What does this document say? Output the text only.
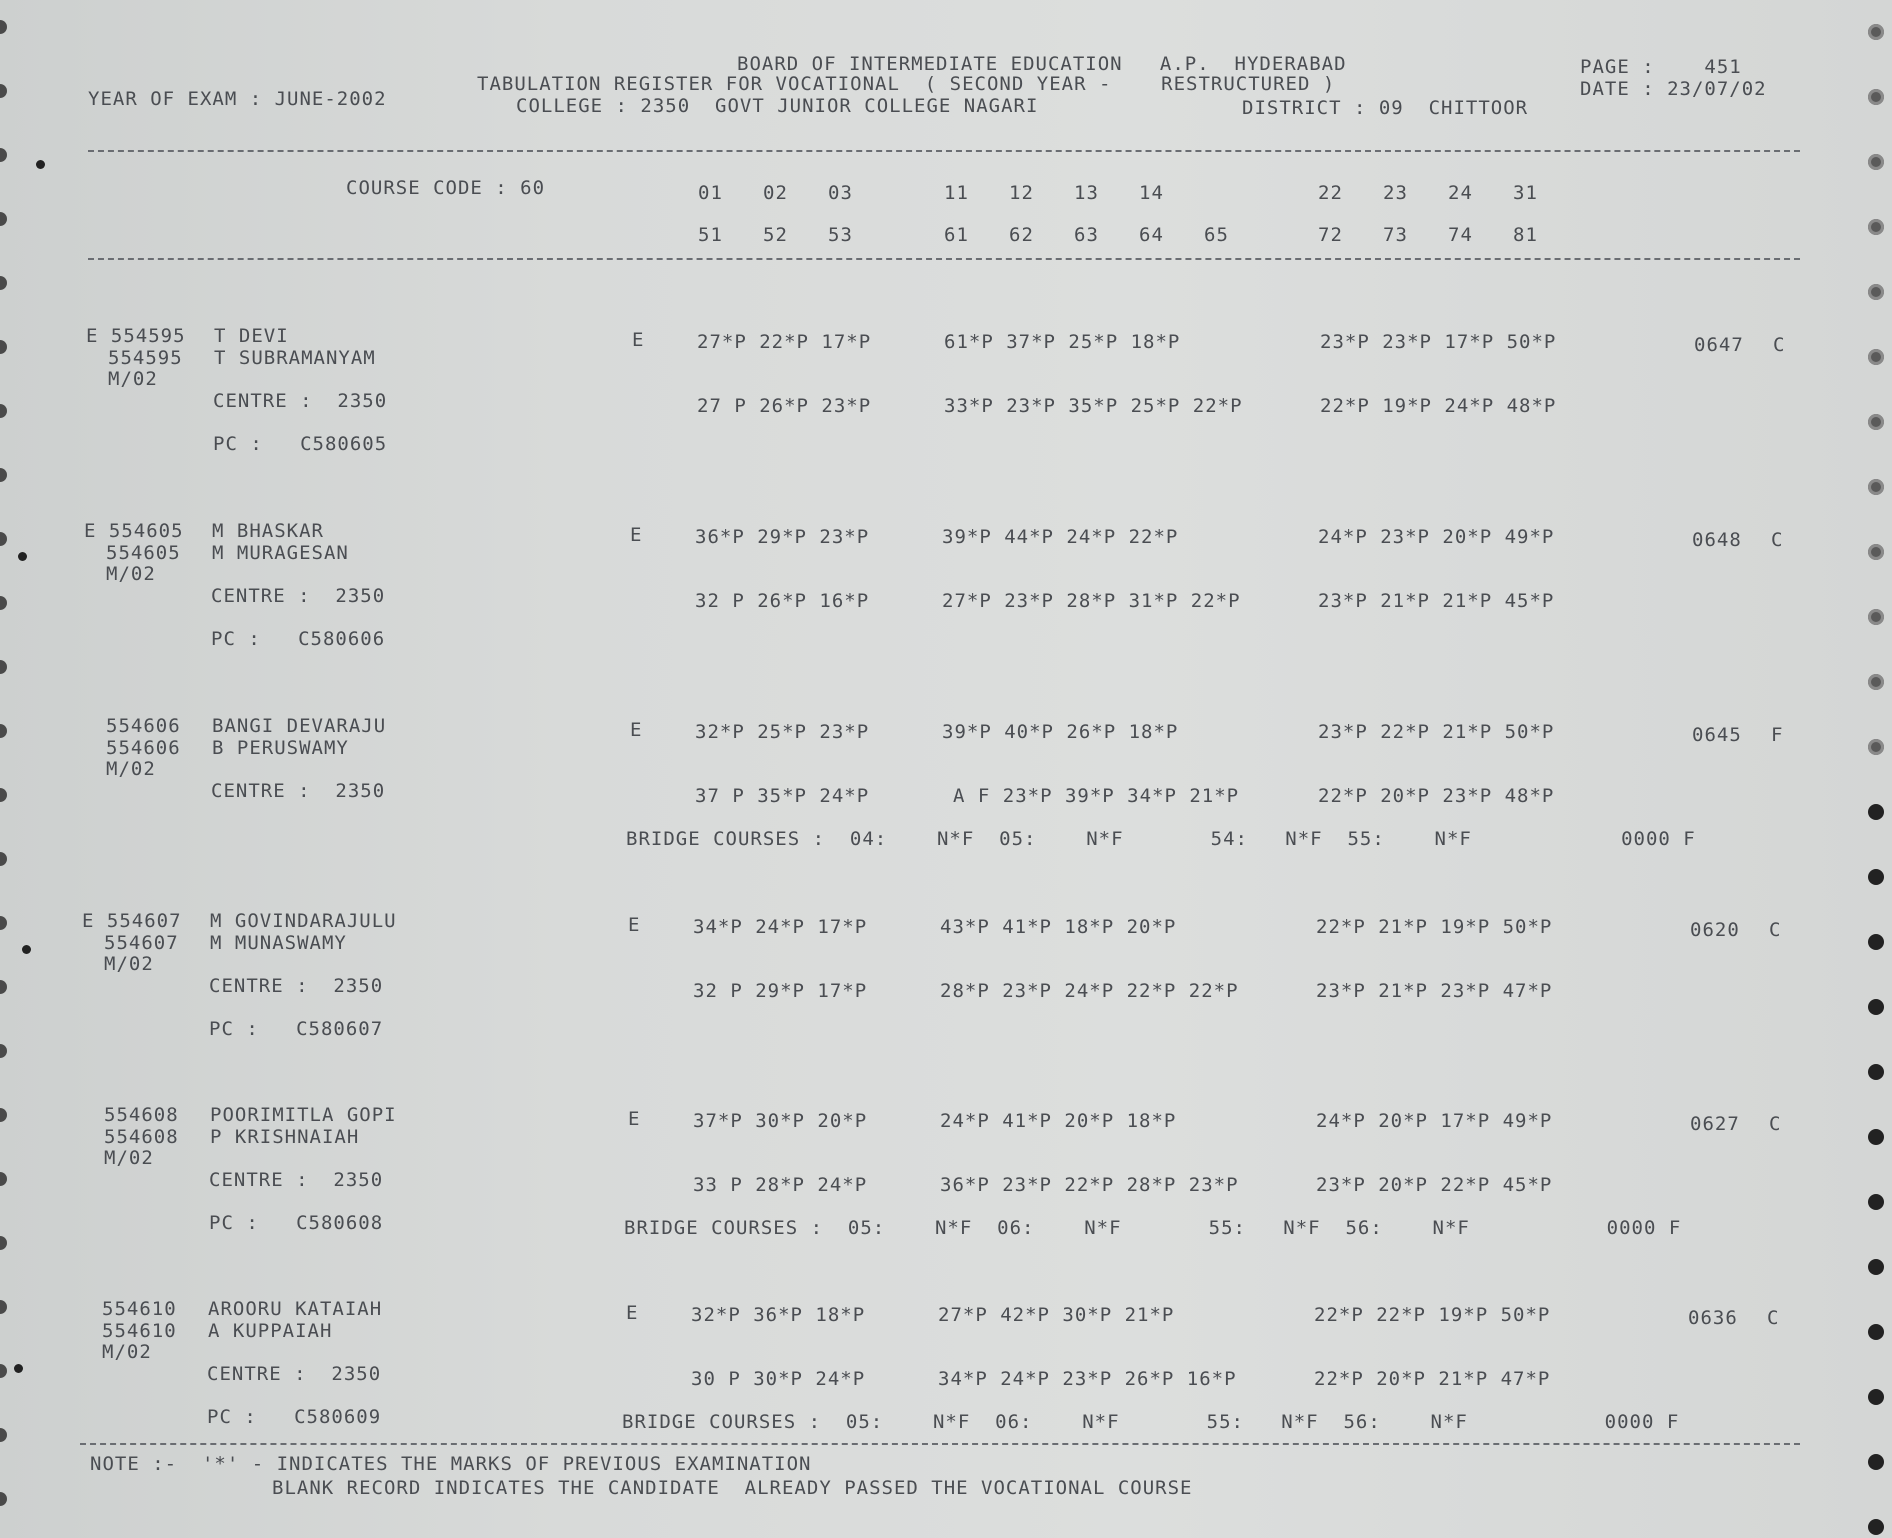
BOARD OF INTERMEDIATE EDUCATION   A.P.  HYDERABAD
TABULATION REGISTER FOR VOCATIONAL  ( SECOND YEAR -    RESTRUCTURED )
COLLEGE : 2350  GOVT JUNIOR COLLEGE NAGARI	DISTRICT : 09  CHITTOOR
YEAR OF EXAM : JUNE-2002
PAGE :    451
DATE : 23/07/02
COURSE CODE : 60	01 02 03	11 12 13 14	22 23 24 31
51 52 53	61 62 63 64 65	72 73 74 81
E 554595 T DEVI
554595 T SUBRAMANYAM
M/02
CENTRE :  2350
PC :   C580605
E	27*P 22*P 17*P	61*P 37*P 25*P 18*P	23*P 23*P 17*P 50*P	0647 C
27 P 26*P 23*P	33*P 23*P 35*P 25*P 22*P	22*P 19*P 24*P 48*P
E 554605 M BHASKAR
554605 M MURAGESAN
M/02
CENTRE :  2350
PC :   C580606
E	36*P 29*P 23*P	39*P 44*P 24*P 22*P	24*P 23*P 20*P 49*P	0648 C
32 P 26*P 16*P	27*P 23*P 28*P 31*P 22*P	23*P 21*P 21*P 45*P
554606 BANGI DEVARAJU
554606 B PERUSWAMY
M/02
CENTRE :  2350
E	32*P 25*P 23*P	39*P 40*P 26*P 18*P	23*P 22*P 21*P 50*P	0645 F
37 P 35*P 24*P	A F 23*P 39*P 34*P 21*P	22*P 20*P 23*P 48*P
BRIDGE COURSES :  04:    N*F  05:    N*F       54:   N*F  55:    N*F            0000 F
E 554607 M GOVINDARAJULU
554607 M MUNASWAMY
M/02
CENTRE :  2350
PC :   C580607
E	34*P 24*P 17*P	43*P 41*P 18*P 20*P	22*P 21*P 19*P 50*P	0620 C
32 P 29*P 17*P	28*P 23*P 24*P 22*P 22*P	23*P 21*P 23*P 47*P
554608 POORIMITLA GOPI
554608 P KRISHNAIAH
M/02
CENTRE :  2350
PC :   C580608
E	37*P 30*P 20*P	24*P 41*P 20*P 18*P	24*P 20*P 17*P 49*P	0627 C
33 P 28*P 24*P	36*P 23*P 22*P 28*P 23*P	23*P 20*P 22*P 45*P
BRIDGE COURSES :  05:    N*F  06:    N*F       55:   N*F  56:    N*F           0000 F
554610 AROORU KATAIAH
554610 A KUPPAIAH
M/02
CENTRE :  2350
PC :   C580609
E	32*P 36*P 18*P	27*P 42*P 30*P 21*P	22*P 22*P 19*P 50*P	0636 C
30 P 30*P 24*P	34*P 24*P 23*P 26*P 16*P	22*P 20*P 21*P 47*P
BRIDGE COURSES :  05:    N*F  06:    N*F       55:   N*F  56:    N*F           0000 F
NOTE :-  '*' - INDICATES THE MARKS OF PREVIOUS EXAMINATION
BLANK RECORD INDICATES THE CANDIDATE  ALREADY PASSED THE VOCATIONAL COURSE
